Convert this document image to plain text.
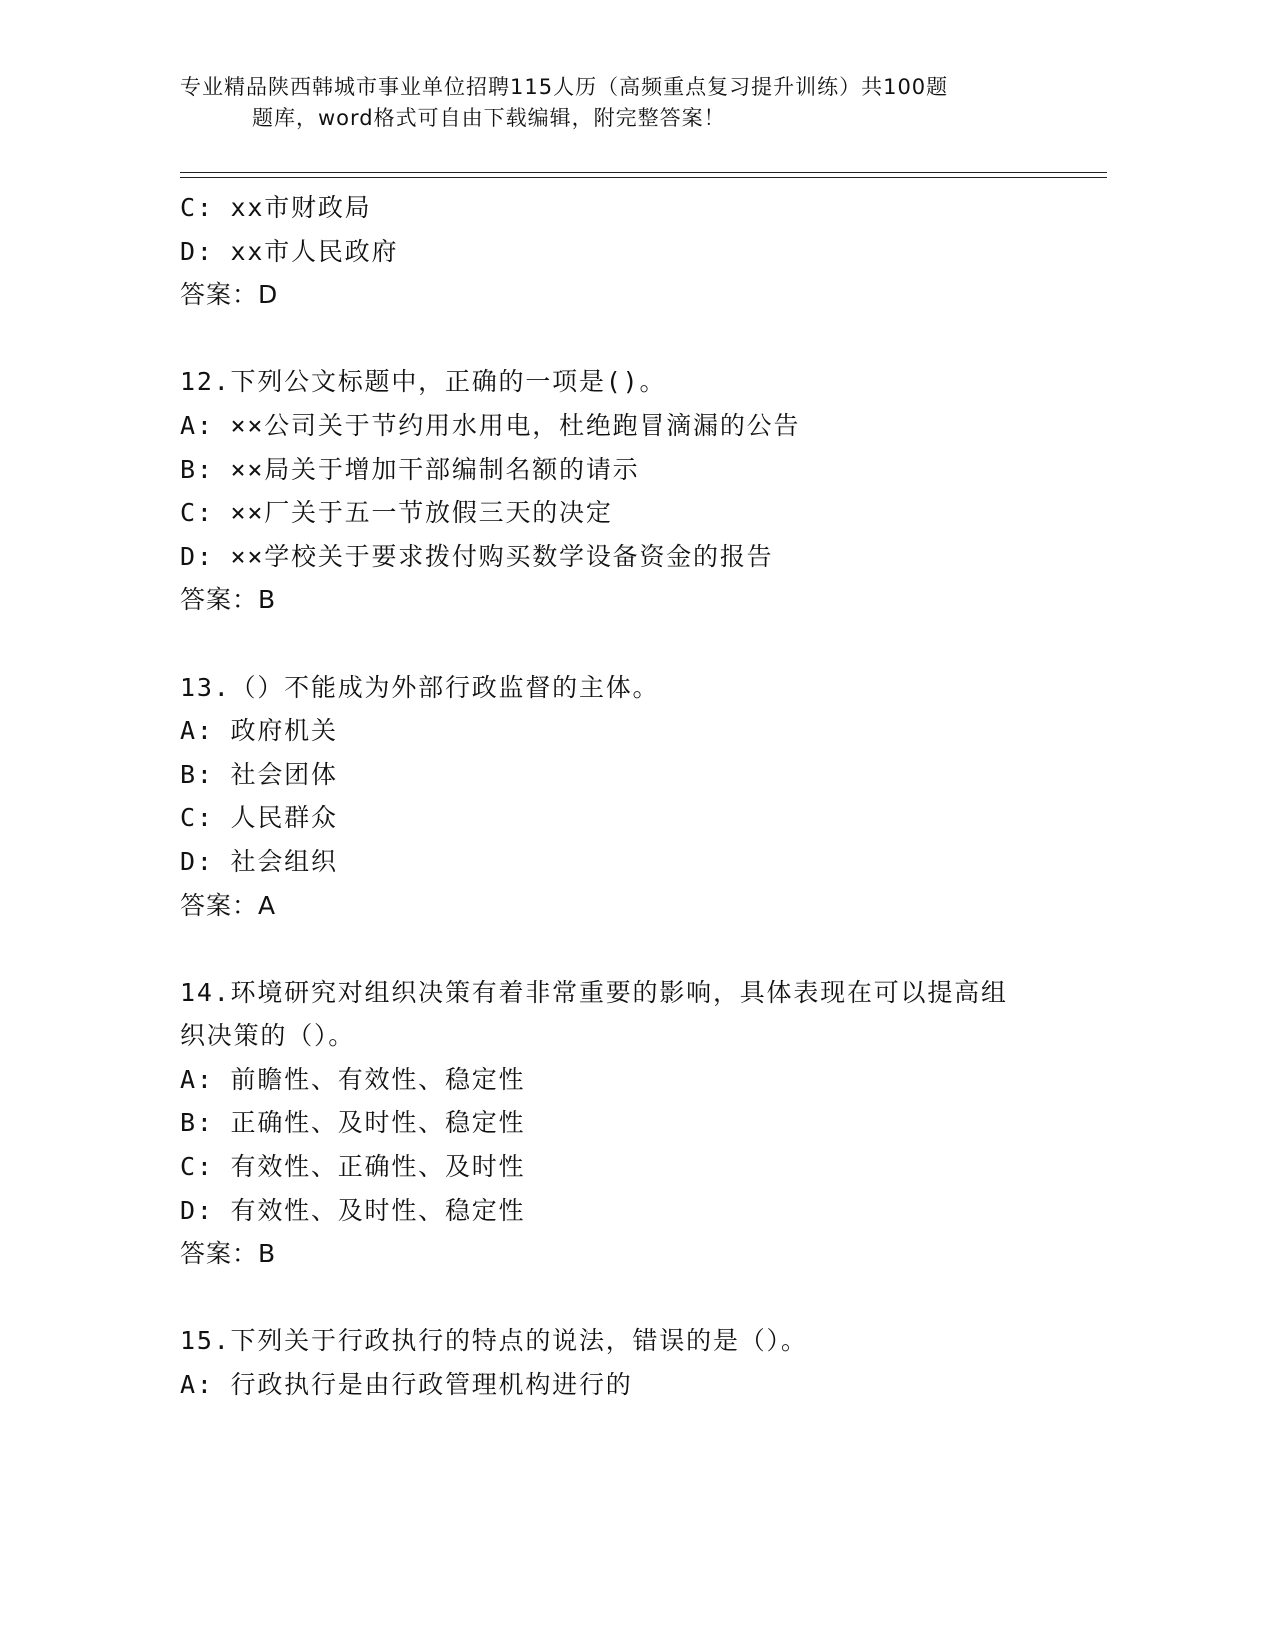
专业精品陕西韩城市事业单位招聘115人历（高频重点复习提升训练）共100题
题库，word格式可自由下载编辑，附完整答案！
C: xx市财政局
D: xx市人民政府
答案：D
12.下列公文标题中，正确的一项是()。
A: ××公司关于节约用水用电，杜绝跑冒滴漏的公告
B: ××局关于增加干部编制名额的请示
C: ××厂关于五一节放假三天的决定
D: ××学校关于要求拨付购买数学设备资金的报告
答案：B
13.（）不能成为外部行政监督的主体。
A: 政府机关
B: 社会团体
C: 人民群众
D: 社会组织
答案：A
14.环境研究对组织决策有着非常重要的影响，具体表现在可以提高组
织决策的（）。
A: 前瞻性、有效性、稳定性
B: 正确性、及时性、稳定性
C: 有效性、正确性、及时性
D: 有效性、及时性、稳定性
答案：B
15.下列关于行政执行的特点的说法，错误的是（）。
A: 行政执行是由行政管理机构进行的
